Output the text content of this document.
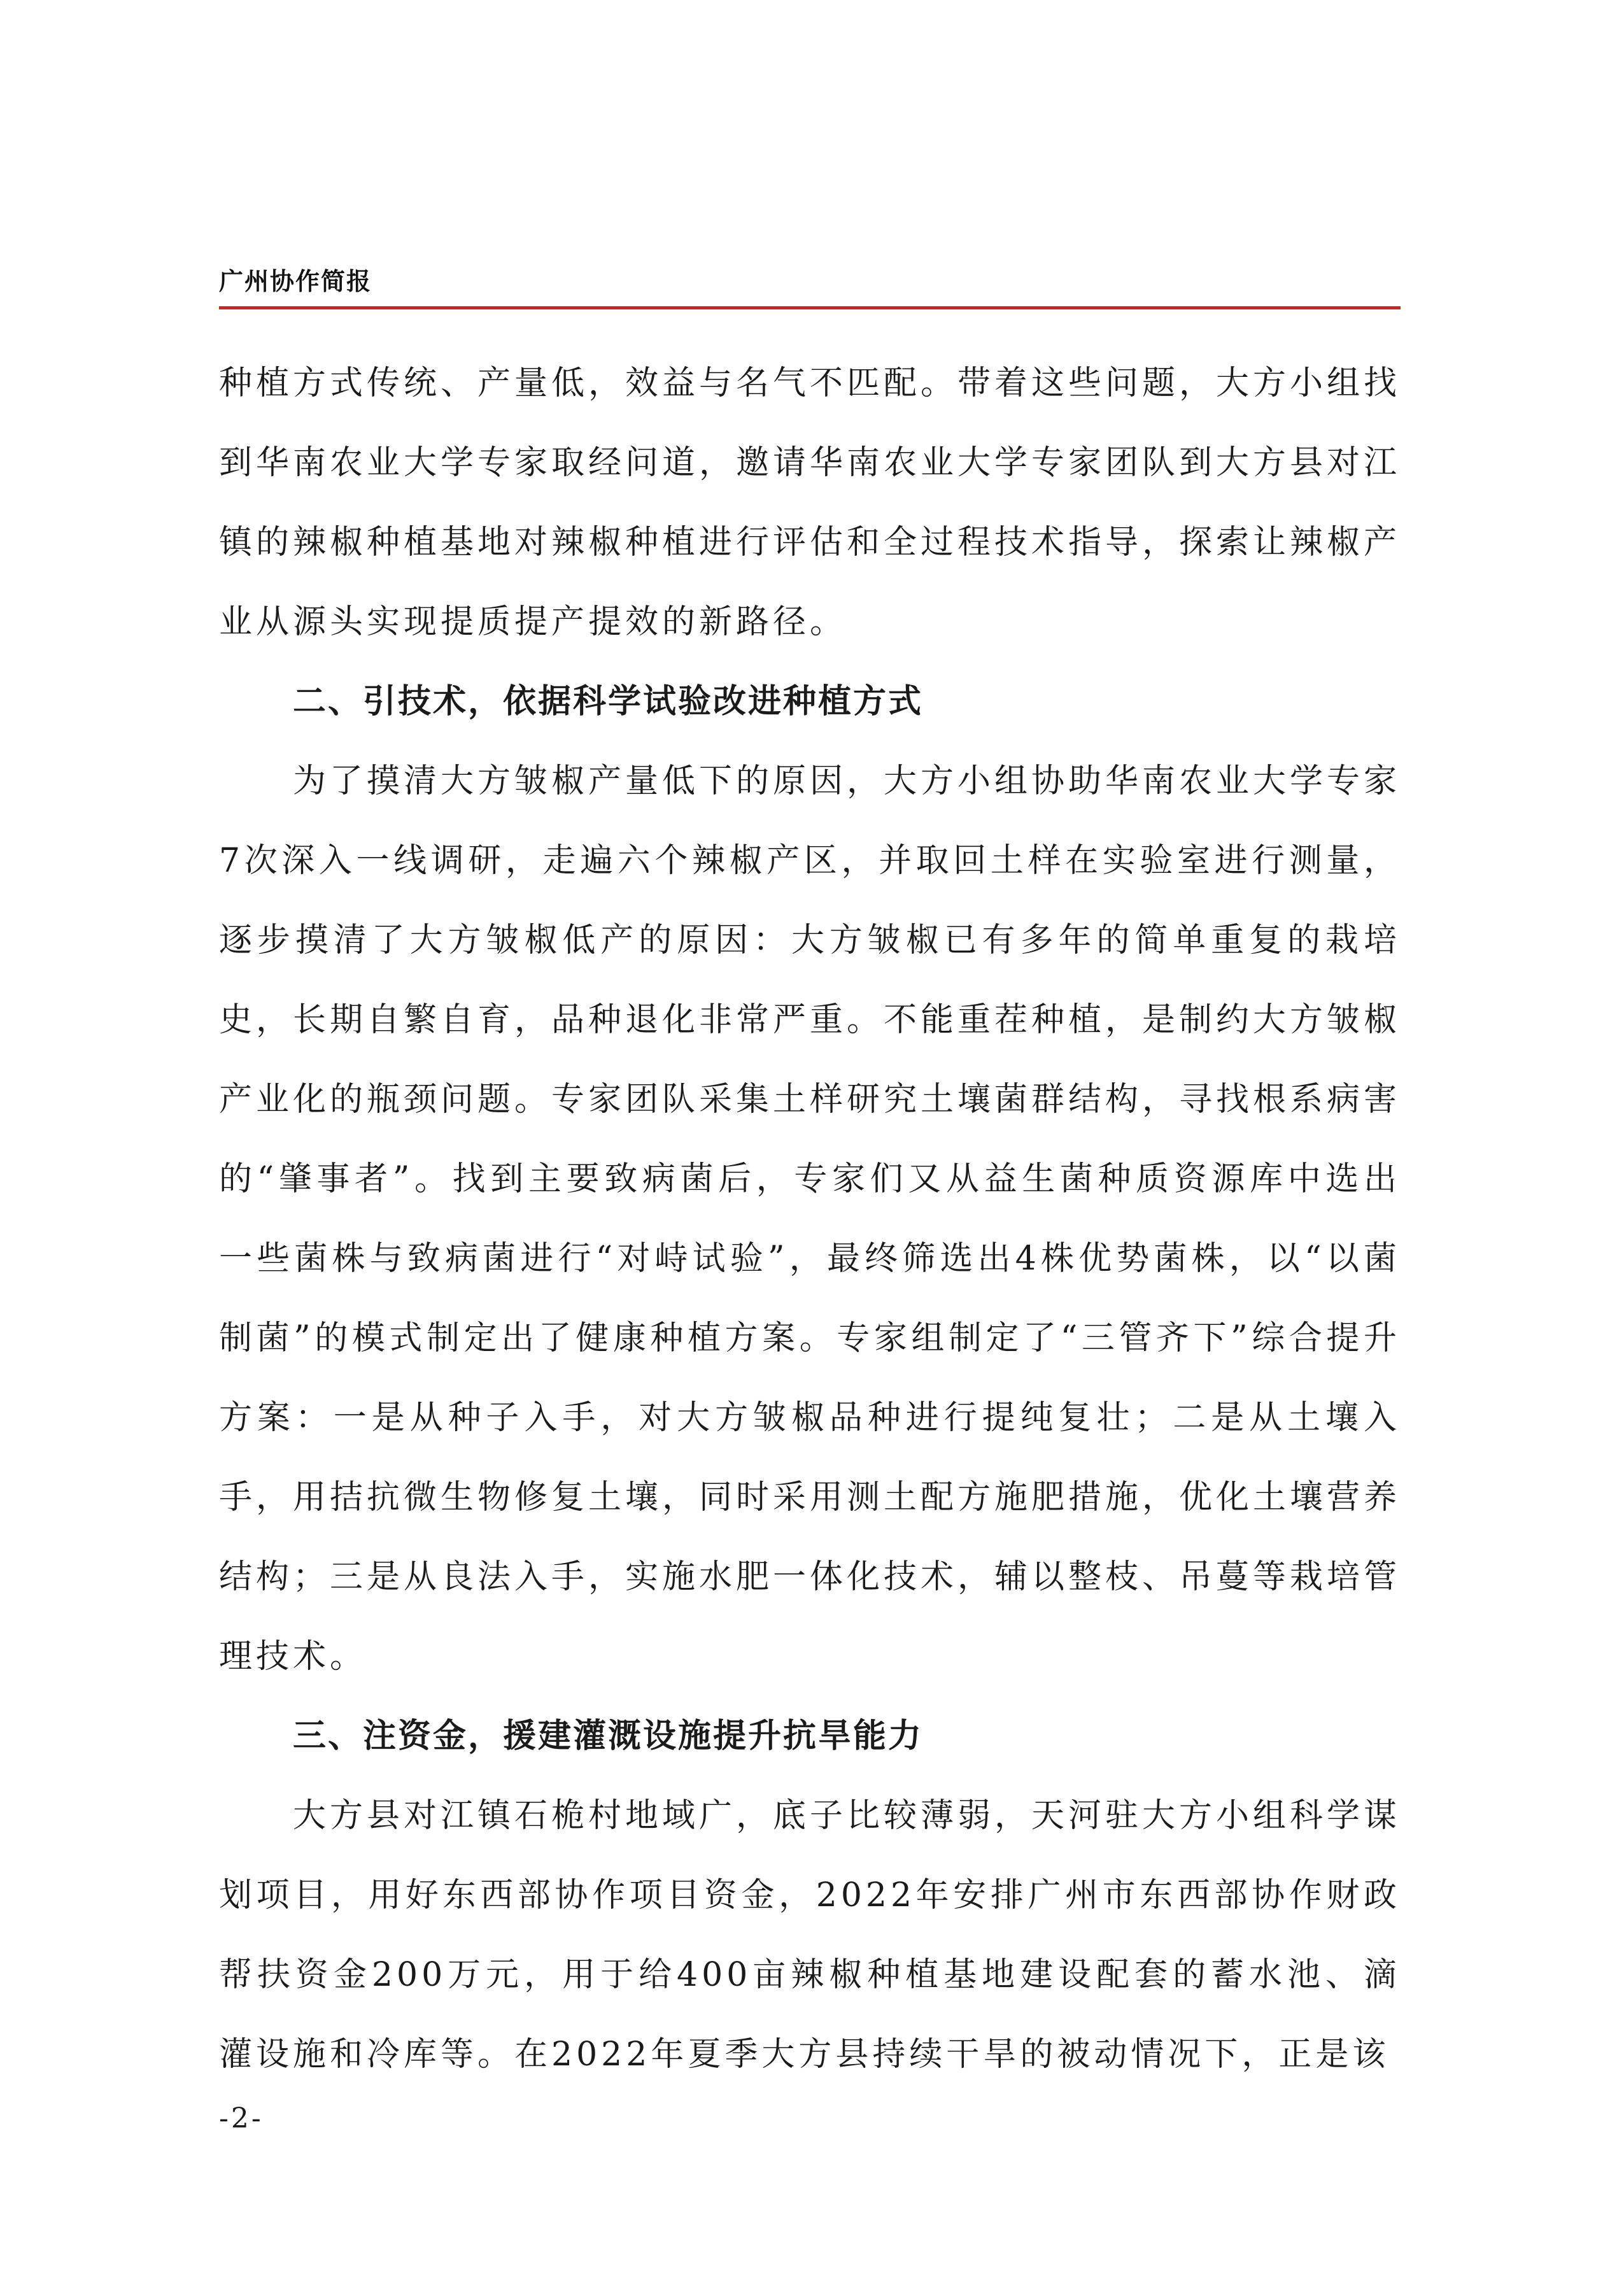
广州协作简报

种植方式传统、产量低，效益与名气不匹配。带着这些问题，大方小组找到华南农业大学专家取经问道，邀请华南农业大学专家团队到大方县对江镇的辣椒种植基地对辣椒种植进行评估和全过程技术指导，探索让辣椒产业从源头实现提质提产提效的新路径。

二、引技术，依据科学试验改进种植方式

为了摸清大方皱椒产量低下的原因，大方小组协助华南农业大学专家7次深入一线调研，走遍六个辣椒产区，并取回土样在实验室进行测量，逐步摸清了大方皱椒低产的原因：大方皱椒已有多年的简单重复的栽培史，长期自繁自育，品种退化非常严重。不能重茬种植，是制约大方皱椒产业化的瓶颈问题。专家团队采集土样研究土壤菌群结构，寻找根系病害的“肇事者”。找到主要致病菌后，专家们又从益生菌种质资源库中选出一些菌株与致病菌进行“对峙试验”，最终筛选出4株优势菌株，以“以菌制菌”的模式制定出了健康种植方案。专家组制定了“三管齐下”综合提升方案：一是从种子入手，对大方皱椒品种进行提纯复壮；二是从土壤入手，用拮抗微生物修复土壤，同时采用测土配方施肥措施，优化土壤营养结构；三是从良法入手，实施水肥一体化技术，辅以整枝、吊蔓等栽培管理技术。

三、注资金，援建灌溉设施提升抗旱能力

大方县对江镇石桅村地域广，底子比较薄弱，天河驻大方小组科学谋划项目，用好东西部协作项目资金，2022年安排广州市东西部协作财政帮扶资金200万元，用于给400亩辣椒种植基地建设配套的蓄水池、滴灌设施和冷库等。在2022年夏季大方县持续干旱的被动情况下，正是该

-2-
